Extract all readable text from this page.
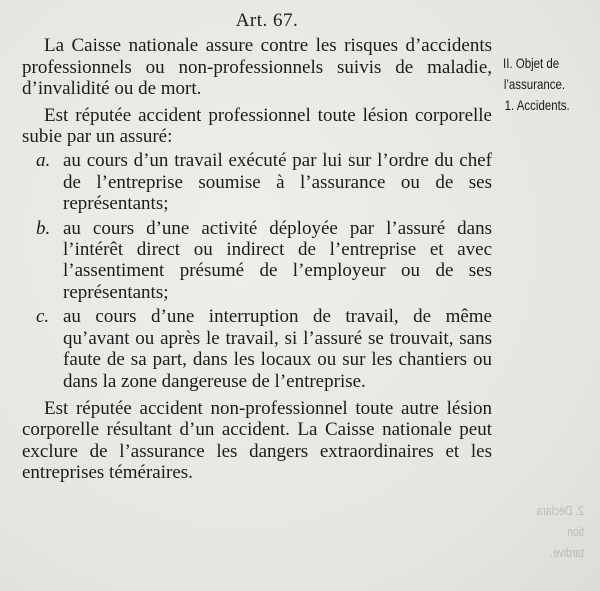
2. Déclara
tion
tardive.
Art. 67.

La Caisse nationale assure contre les risques d’accidents professionnels ou non-professionnels suivis de maladie, d’invalidité ou de mort.

Est réputée accident professionnel toute lésion corporelle subie par un assuré:

a. au cours d’un travail exécuté par lui sur l’ordre du chef de l’entreprise soumise à l’assurance ou de ses représentants;
b. au cours d’une activité déployée par l’assuré dans l’intérêt direct ou indirect de l’entreprise et avec l’assentiment présumé de l’employeur ou de ses représentants;
c. au cours d’une interruption de travail, de même qu’avant ou après le travail, si l’assuré se trouvait, sans faute de sa part, dans les locaux ou sur les chantiers ou dans la zone dangereuse de l’entreprise.

Est réputée accident non-professionnel toute autre lésion corporelle résultant d’un accident. La Caisse nationale peut exclure de l’assurance les dangers extraordinaires et les entreprises téméraires.

II. Objet de
l’assurance.
1. Accidents.
